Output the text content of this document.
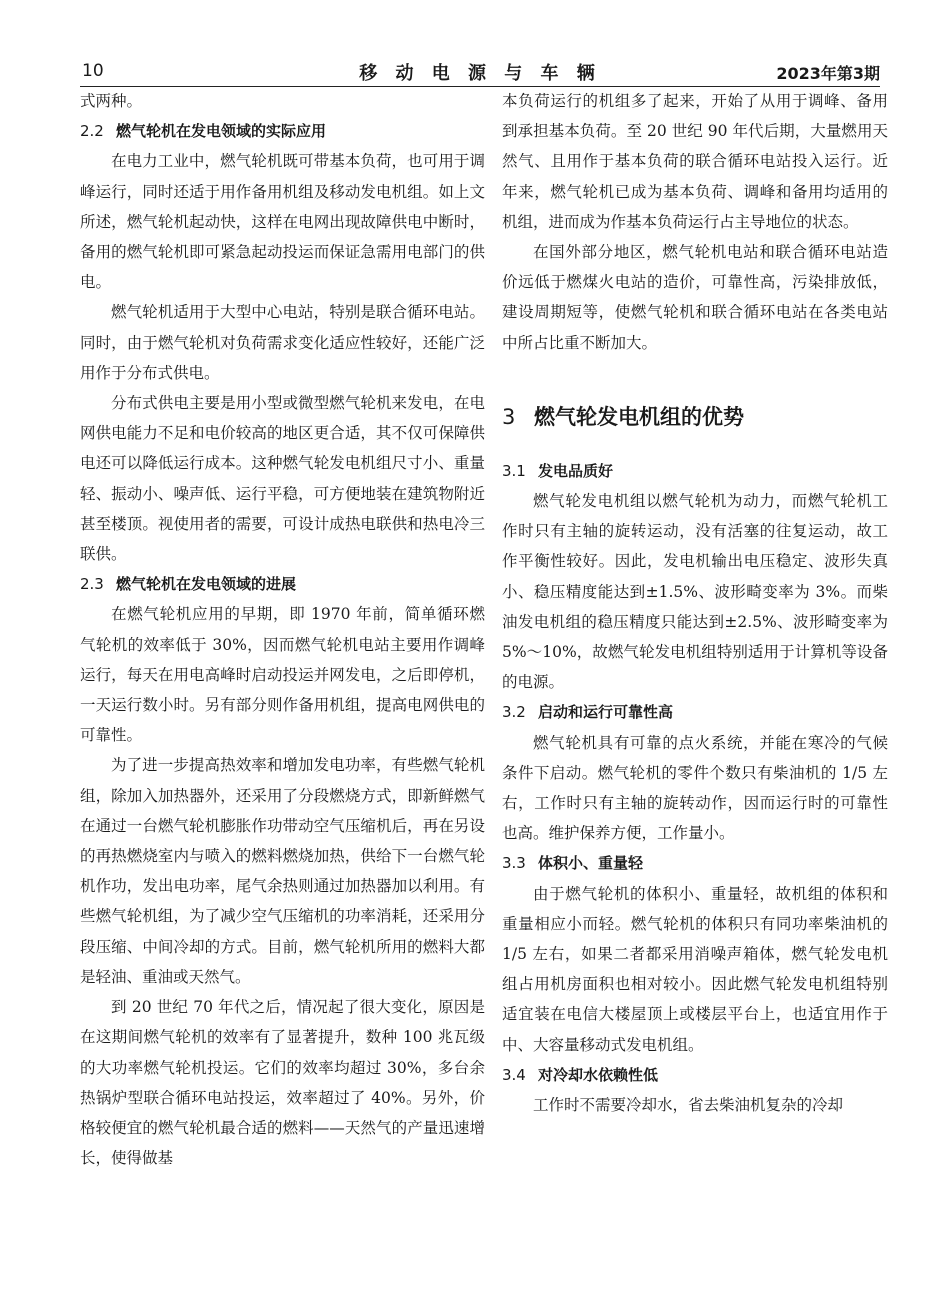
10	移 动 电 源 与 车 辆	2023年第3期

式两种。

2.2 燃气轮机在发电领域的实际应用

在电力工业中，燃气轮机既可带基本负荷，也可用于调峰运行，同时还适于用作备用机组及移动发电机组。如上文所述，燃气轮机起动快，这样在电网出现故障供电中断时，备用的燃气轮机即可紧急起动投运而保证急需用电部门的供电。

燃气轮机适用于大型中心电站，特别是联合循环电站。同时，由于燃气轮机对负荷需求变化适应性较好，还能广泛用作于分布式供电。

分布式供电主要是用小型或微型燃气轮机来发电，在电网供电能力不足和电价较高的地区更合适，其不仅可保障供电还可以降低运行成本。这种燃气轮发电机组尺寸小、重量轻、振动小、噪声低、运行平稳，可方便地装在建筑物附近甚至楼顶。视使用者的需要，可设计成热电联供和热电冷三联供。

2.3 燃气轮机在发电领域的进展

在燃气轮机应用的早期，即 1970 年前，简单循环燃气轮机的效率低于 30%，因而燃气轮机电站主要用作调峰运行，每天在用电高峰时启动投运并网发电，之后即停机，一天运行数小时。另有部分则作备用机组，提高电网供电的可靠性。

为了进一步提高热效率和增加发电功率，有些燃气轮机组，除加入加热器外，还采用了分段燃烧方式，即新鲜燃气在通过一台燃气轮机膨胀作功带动空气压缩机后，再在另设的再热燃烧室内与喷入的燃料燃烧加热，供给下一台燃气轮机作功，发出电功率，尾气余热则通过加热器加以利用。有些燃气轮机组，为了减少空气压缩机的功率消耗，还采用分段压缩、中间冷却的方式。目前，燃气轮机所用的燃料大都是轻油、重油或天然气。

到 20 世纪 70 年代之后，情况起了很大变化，原因是在这期间燃气轮机的效率有了显著提升，数种 100 兆瓦级的大功率燃气轮机投运。它们的效率均超过 30%，多台余热锅炉型联合循环电站投运，效率超过了 40%。另外，价格较便宜的燃气轮机最合适的燃料——天然气的产量迅速增长，使得做基

本负荷运行的机组多了起来，开始了从用于调峰、备用到承担基本负荷。至 20 世纪 90 年代后期，大量燃用天然气、且用作于基本负荷的联合循环电站投入运行。近年来，燃气轮机已成为基本负荷、调峰和备用均适用的机组，进而成为作基本负荷运行占主导地位的状态。

在国外部分地区，燃气轮机电站和联合循环电站造价远低于燃煤火电站的造价，可靠性高，污染排放低，建设周期短等，使燃气轮机和联合循环电站在各类电站中所占比重不断加大。

3 燃气轮发电机组的优势
3.1 发电品质好

燃气轮发电机组以燃气轮机为动力，而燃气轮机工作时只有主轴的旋转运动，没有活塞的往复运动，故工作平衡性较好。因此，发电机输出电压稳定、波形失真小、稳压精度能达到±1.5%、波形畸变率为 3%。而柴油发电机组的稳压精度只能达到±2.5%、波形畸变率为 5%～10%，故燃气轮发电机组特别适用于计算机等设备的电源。

3.2 启动和运行可靠性高

燃气轮机具有可靠的点火系统，并能在寒冷的气候条件下启动。燃气轮机的零件个数只有柴油机的 1/5 左右，工作时只有主轴的旋转动作，因而运行时的可靠性也高。维护保养方便，工作量小。

3.3 体积小、重量轻

由于燃气轮机的体积小、重量轻，故机组的体积和重量相应小而轻。燃气轮机的体积只有同功率柴油机的 1/5 左右，如果二者都采用消噪声箱体，燃气轮发电机组占用机房面积也相对较小。因此燃气轮发电机组特别适宜装在电信大楼屋顶上或楼层平台上，也适宜用作于中、大容量移动式发电机组。

3.4 对冷却水依赖性低

工作时不需要冷却水，省去柴油机复杂的冷却
